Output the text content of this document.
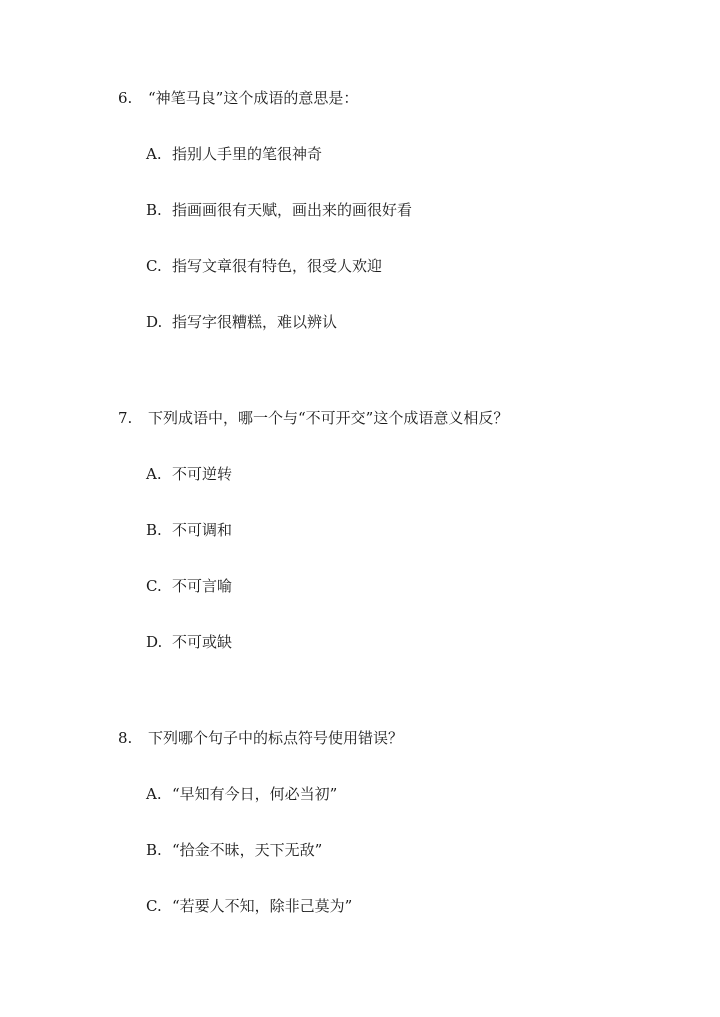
6. “神笔马良”这个成语的意思是：
A. 指别人手里的笔很神奇
B. 指画画很有天赋，画出来的画很好看
C. 指写文章很有特色，很受人欢迎
D. 指写字很糟糕，难以辨认
7. 下列成语中，哪一个与“不可开交”这个成语意义相反？
A. 不可逆转
B. 不可调和
C. 不可言喻
D. 不可或缺
8. 下列哪个句子中的标点符号使用错误？
A. “早知有今日，何必当初”
B. “拾金不昧，天下无敌”
C. “若要人不知，除非己莫为”
